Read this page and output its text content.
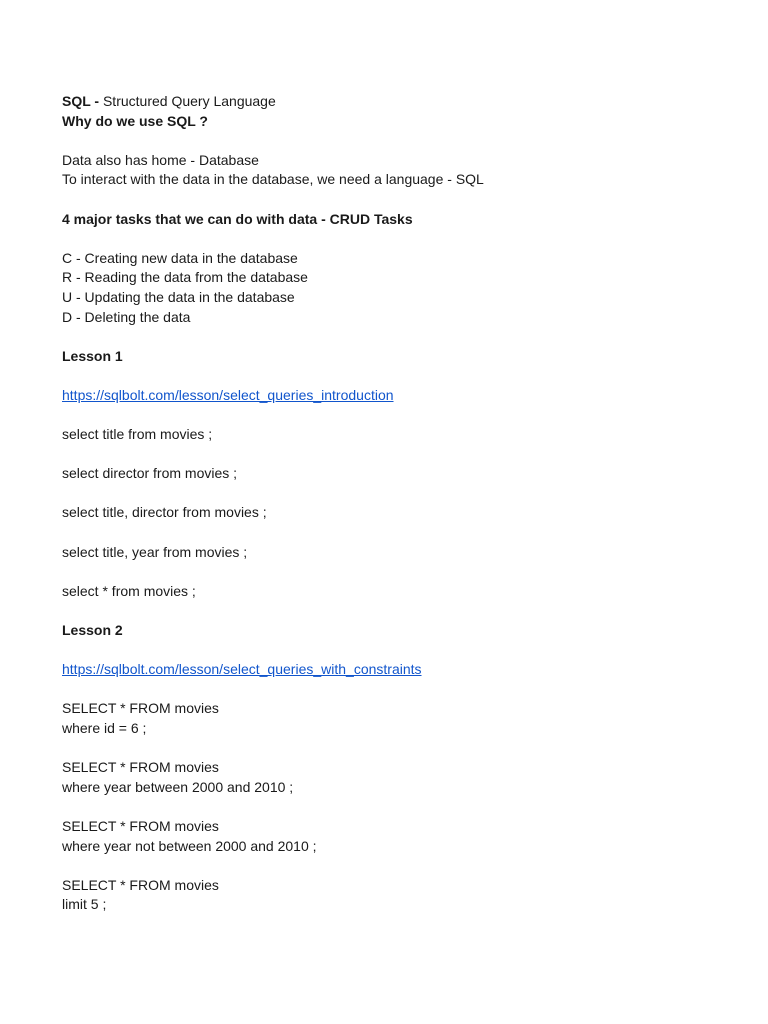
SQL - Structured Query Language
Why do we use SQL ?
Data also has home - Database
To interact with the data in the database, we need a language - SQL
4 major tasks that we can do with data - CRUD Tasks
C - Creating new data in the database
R - Reading the data from the database
U - Updating the data in the database
D - Deleting the data
Lesson 1
https://sqlbolt.com/lesson/select_queries_introduction
select title from movies ;
select director from movies ;
select title, director from movies ;
select title, year from movies ;
select * from movies ;
Lesson 2
https://sqlbolt.com/lesson/select_queries_with_constraints
SELECT * FROM movies
where id = 6 ;
SELECT * FROM movies
where year between 2000 and 2010 ;
SELECT * FROM movies
where year not between 2000 and 2010 ;
SELECT * FROM movies
limit 5 ;
